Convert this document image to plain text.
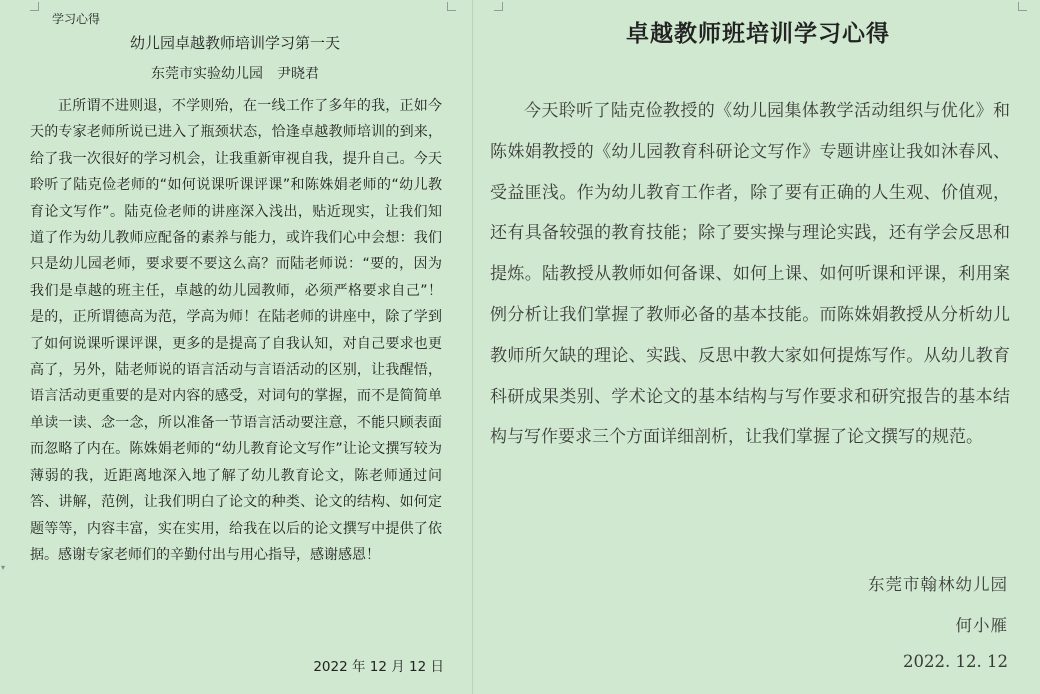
▾
学习心得
幼儿园卓越教师培训学习第一天
东莞市实验幼儿园　尹晓君

正所谓不进则退，不学则殆，在一线工作了多年的我，正如今天的专家老师所说已进入了瓶颈状态，恰逢卓越教师培训的到来，给了我一次很好的学习机会，让我重新审视自我，提升自己。今天聆听了陆克俭老师的“如何说课听课评课”和陈姝娟老师的“幼儿教育论文写作”。陆克俭老师的讲座深入浅出，贴近现实，让我们知道了作为幼儿教师应配备的素养与能力，或许我们心中会想：我们只是幼儿园老师，要求要不要这么高？而陆老师说：“要的，因为我们是卓越的班主任，卓越的幼儿园教师，必须严格要求自己”！是的，正所谓德高为范，学高为师！在陆老师的讲座中，除了学到了如何说课听课评课，更多的是提高了自我认知，对自己要求也更高了，另外，陆老师说的语言活动与言语活动的区别，让我醒悟，语言活动更重要的是对内容的感受，对词句的掌握，而不是简简单单读一读、念一念，所以准备一节语言活动要注意，不能只顾表面而忽略了内在。陈姝娟老师的“幼儿教育论文写作”让论文撰写较为薄弱的我，近距离地深入地了解了幼儿教育论文，陈老师通过问答、讲解，范例，让我们明白了论文的种类、论文的结构、如何定题等等，内容丰富，实在实用，给我在以后的论文撰写中提供了依据。感谢专家老师们的辛勤付出与用心指导，感谢感恩！

2022 年 12 月 12 日
卓越教师班培训学习心得

今天聆听了陆克俭教授的《幼儿园集体教学活动组织与优化》和陈姝娟教授的《幼儿园教育科研论文写作》专题讲座让我如沐春风、受益匪浅。作为幼儿教育工作者，除了要有正确的人生观、价值观，还有具备较强的教育技能；除了要实操与理论实践，还有学会反思和提炼。陆教授从教师如何备课、如何上课、如何听课和评课，利用案例分析让我们掌握了教师必备的基本技能。而陈姝娟教授从分析幼儿教师所欠缺的理论、实践、反思中教大家如何提炼写作。从幼儿教育科研成果类别、学术论文的基本结构与写作要求和研究报告的基本结构与写作要求三个方面详细剖析，让我们掌握了论文撰写的规范。

东莞市翰林幼儿园
何小雁
2022. 12. 12
